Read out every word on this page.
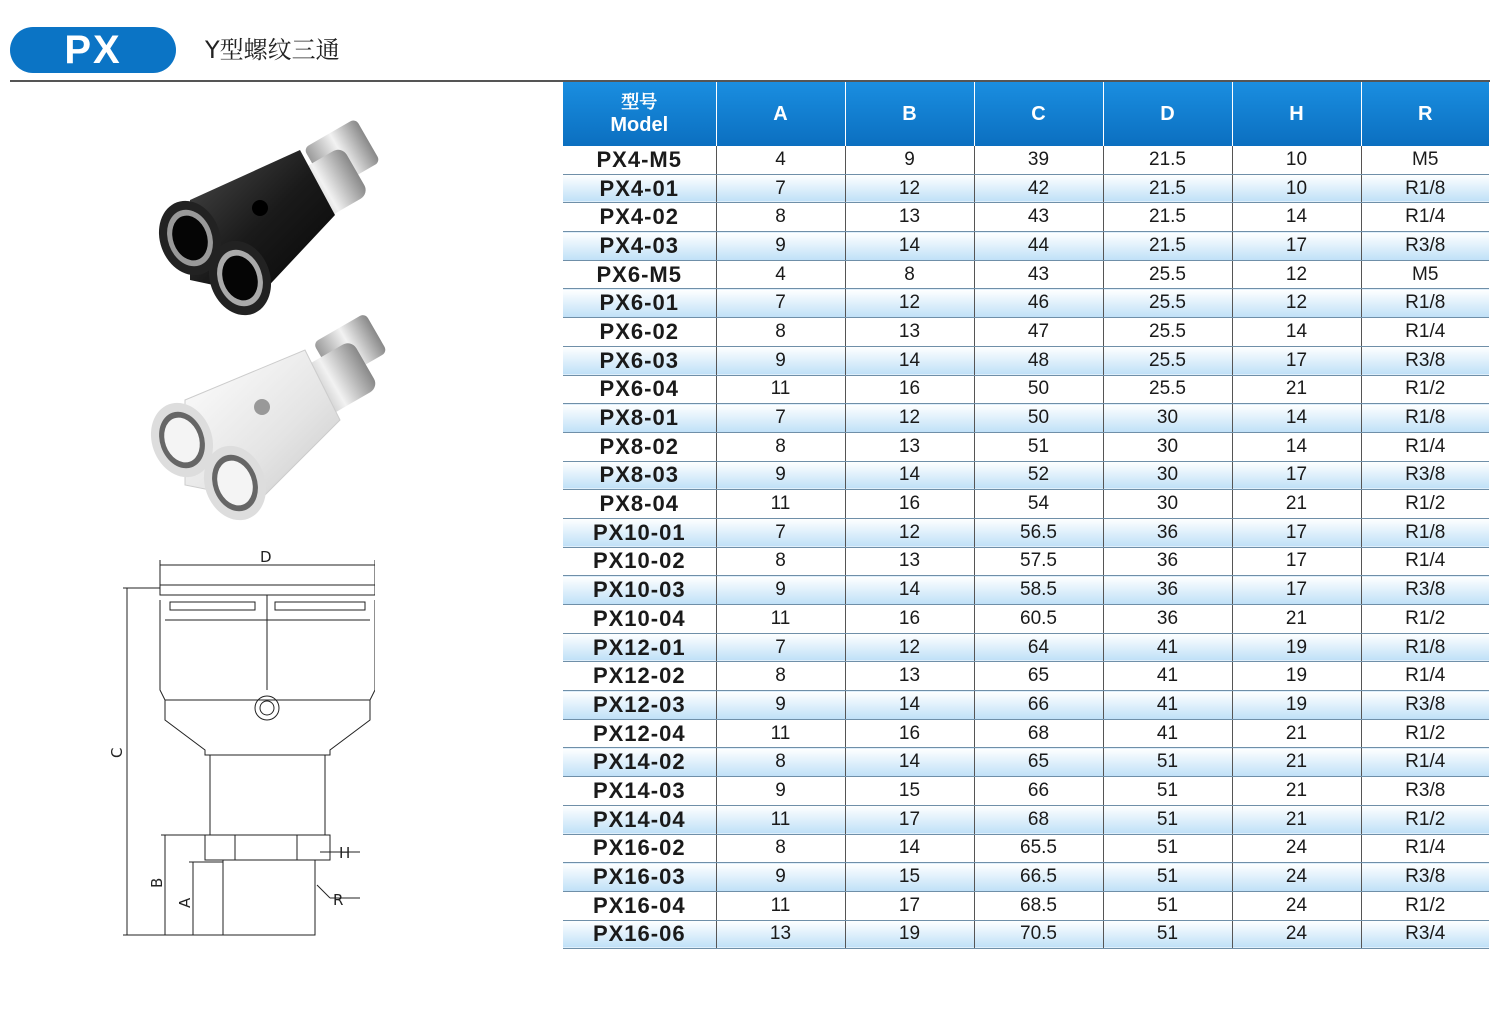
PX	Y型螺纹三通
D
C
B
A
H
R
型号
Model	A	B	C	D	H	R
PX4-M5	4	9	39	21.5	10	M5
PX4-01	7	12	42	21.5	10	R1/8
PX4-02	8	13	43	21.5	14	R1/4
PX4-03	9	14	44	21.5	17	R3/8
PX6-M5	4	8	43	25.5	12	M5
PX6-01	7	12	46	25.5	12	R1/8
PX6-02	8	13	47	25.5	14	R1/4
PX6-03	9	14	48	25.5	17	R3/8
PX6-04	11	16	50	25.5	21	R1/2
PX8-01	7	12	50	30	14	R1/8
PX8-02	8	13	51	30	14	R1/4
PX8-03	9	14	52	30	17	R3/8
PX8-04	11	16	54	30	21	R1/2
PX10-01	7	12	56.5	36	17	R1/8
PX10-02	8	13	57.5	36	17	R1/4
PX10-03	9	14	58.5	36	17	R3/8
PX10-04	11	16	60.5	36	21	R1/2
PX12-01	7	12	64	41	19	R1/8
PX12-02	8	13	65	41	19	R1/4
PX12-03	9	14	66	41	19	R3/8
PX12-04	11	16	68	41	21	R1/2
PX14-02	8	14	65	51	21	R1/4
PX14-03	9	15	66	51	21	R3/8
PX14-04	11	17	68	51	21	R1/2
PX16-02	8	14	65.5	51	24	R1/4
PX16-03	9	15	66.5	51	24	R3/8
PX16-04	11	17	68.5	51	24	R1/2
PX16-06	13	19	70.5	51	24	R3/4
